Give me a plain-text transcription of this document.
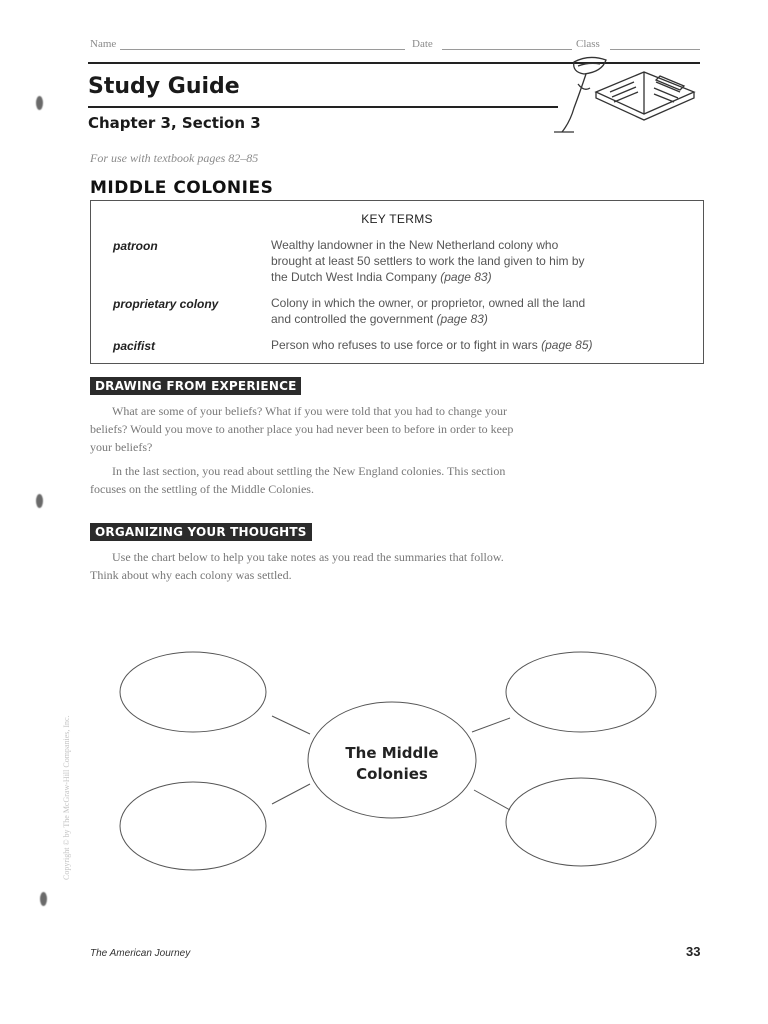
Name	Date	Class
Study Guide
Chapter 3, Section 3
For use with textbook pages 82–85
MIDDLE COLONIES
KEY TERMS
patroon	Wealthy landowner in the New Netherland colony who
brought at least 50 settlers to work the land given to him by
the Dutch West India Company (page 83)
proprietary colony	Colony in which the owner, or proprietor, owned all the land
and controlled the government (page 83)
pacifist	Person who refuses to use force or to fight in wars (page 85)
DRAWING FROM EXPERIENCE
What are some of your beliefs? What if you were told that you had to change your
beliefs? Would you move to another place you had never been to before in order to keep
your beliefs?
In the last section, you read about settling the New England colonies. This section
focuses on the settling of the Middle Colonies.
ORGANIZING YOUR THOUGHTS
Use the chart below to help you take notes as you read the summaries that follow.
Think about why each colony was settled.
Copyright © by The McGraw-Hill Companies, Inc.	The Middle
Colonies
The American Journey	33
